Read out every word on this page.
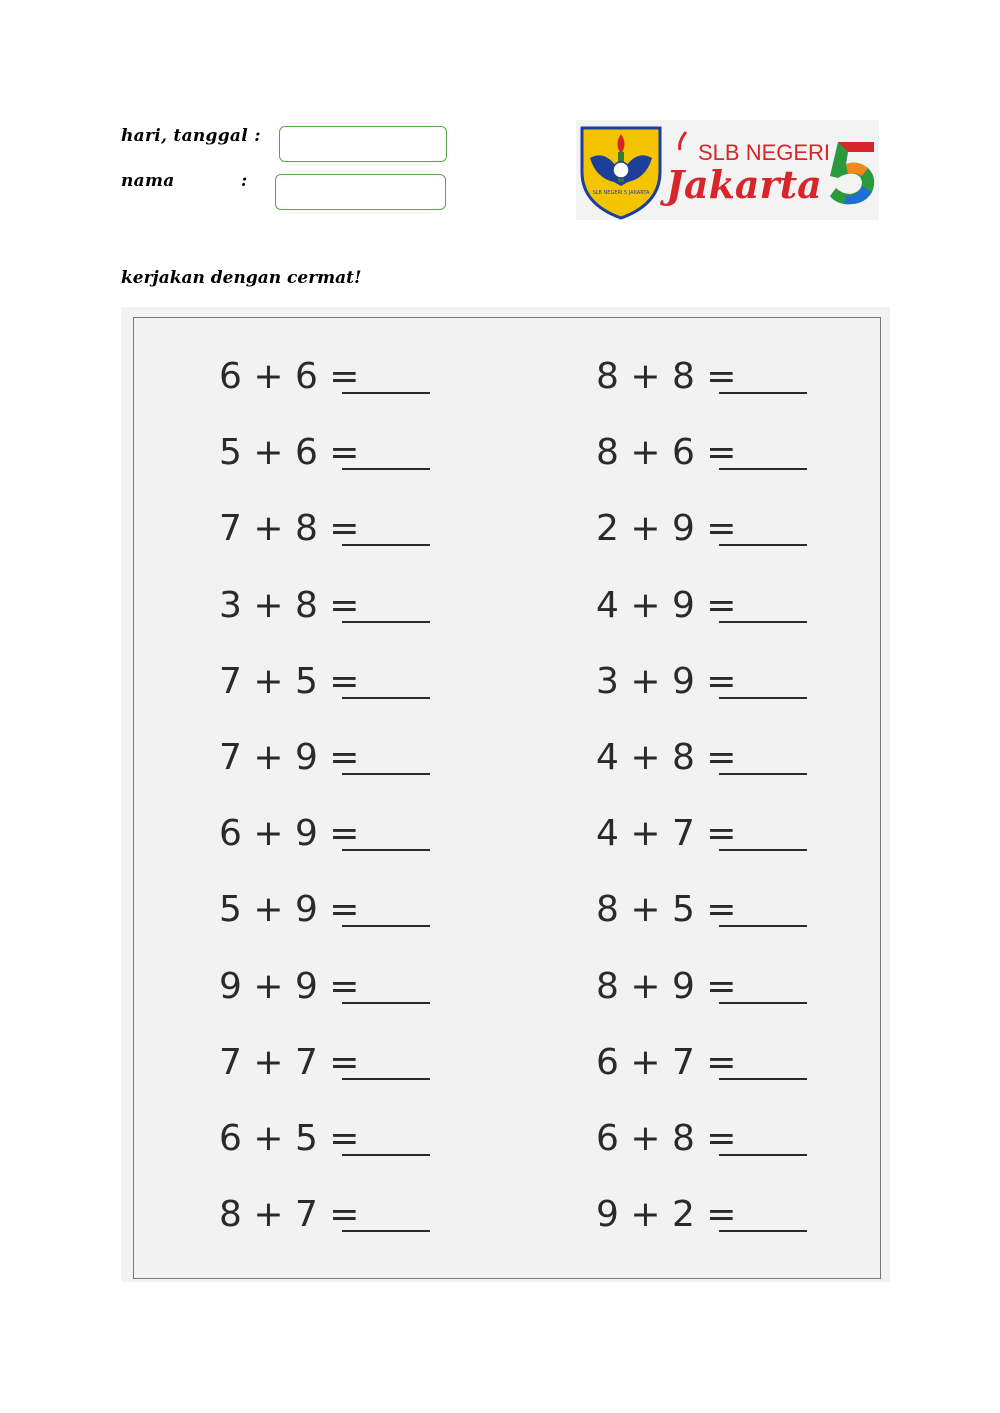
hari, tanggal :
nama	:
SLB NEGERI 5 JAKARTA
SLB NEGERI
Jakarta
kerjakan dengan cermat!
6 + 6 =
5 + 6 =
7 + 8 =
3 + 8 =
7 + 5 =
7 + 9 =
6 + 9 =
5 + 9 =
9 + 9 =
7 + 7 =
6 + 5 =
8 + 7 =
8 + 8 =
8 + 6 =
2 + 9 =
4 + 9 =
3 + 9 =
4 + 8 =
4 + 7 =
8 + 5 =
8 + 9 =
6 + 7 =
6 + 8 =
9 + 2 =
